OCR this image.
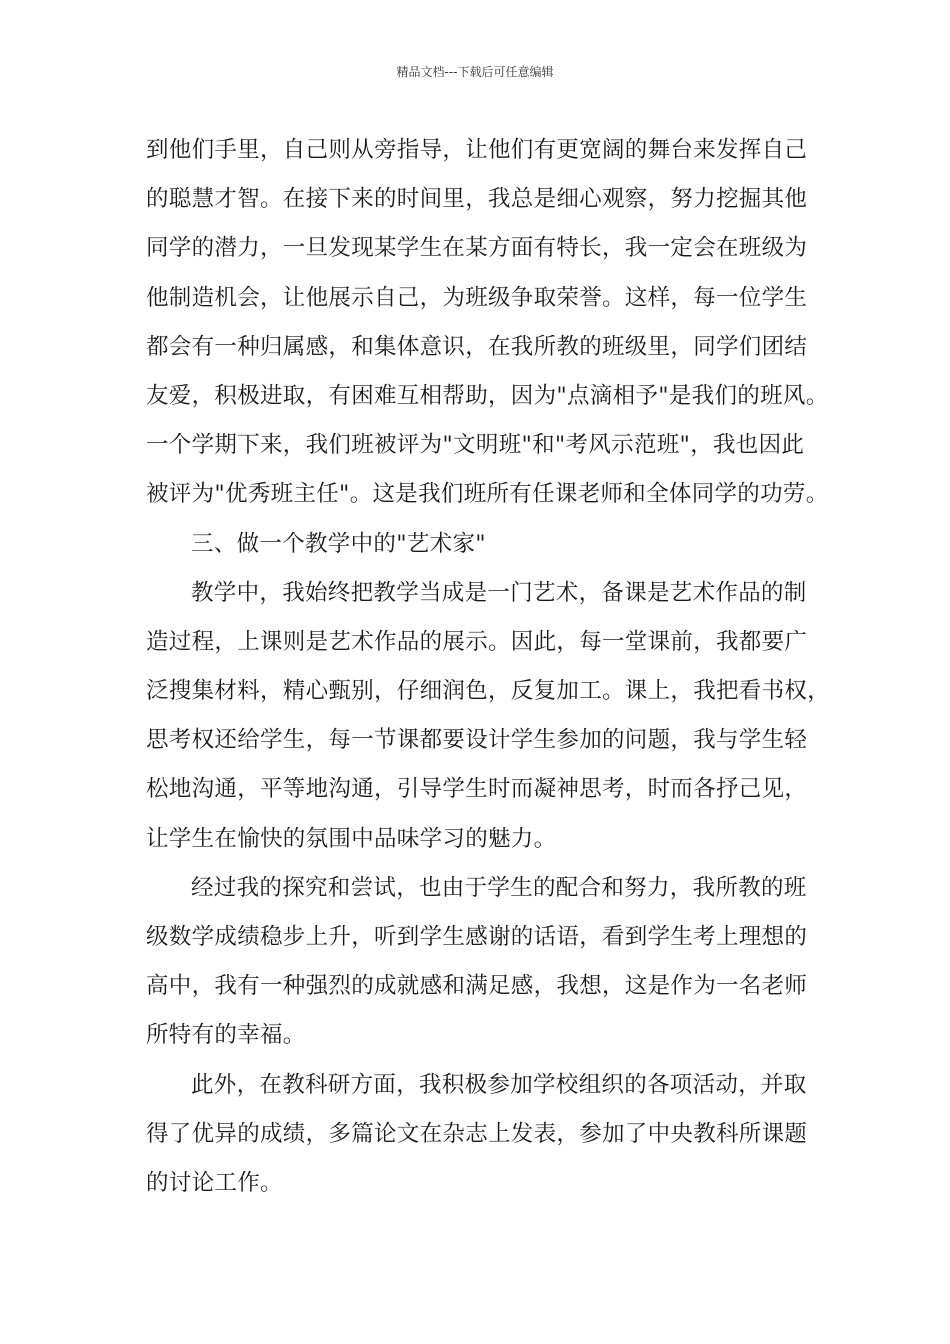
精品文档---下载后可任意编辑
到他们手里，自己则从旁指导，让他们有更宽阔的舞台来发挥自己
的聪慧才智。在接下来的时间里，我总是细心观察，努力挖掘其他
同学的潜力，一旦发现某学生在某方面有特长，我一定会在班级为
他制造机会，让他展示自己，为班级争取荣誉。这样，每一位学生
都会有一种归属感，和集体意识，在我所教的班级里，同学们团结
友爱，积极进取，有困难互相帮助，因为"点滴相予"是我们的班风。
一个学期下来，我们班被评为"文明班"和"考风示范班"，我也因此
被评为"优秀班主任"。这是我们班所有任课老师和全体同学的功劳。
三、做一个教学中的"艺术家"
教学中，我始终把教学当成是一门艺术，备课是艺术作品的制
造过程，上课则是艺术作品的展示。因此，每一堂课前，我都要广
泛搜集材料，精心甄别，仔细润色，反复加工。课上，我把看书权，
思考权还给学生，每一节课都要设计学生参加的问题，我与学生轻
松地沟通，平等地沟通，引导学生时而凝神思考，时而各抒己见，
让学生在愉快的氛围中品味学习的魅力。
经过我的探究和尝试，也由于学生的配合和努力，我所教的班
级数学成绩稳步上升，听到学生感谢的话语，看到学生考上理想的
高中，我有一种强烈的成就感和满足感，我想，这是作为一名老师
所特有的幸福。
此外，在教科研方面，我积极参加学校组织的各项活动，并取
得了优异的成绩，多篇论文在杂志上发表，参加了中央教科所课题
的讨论工作。
